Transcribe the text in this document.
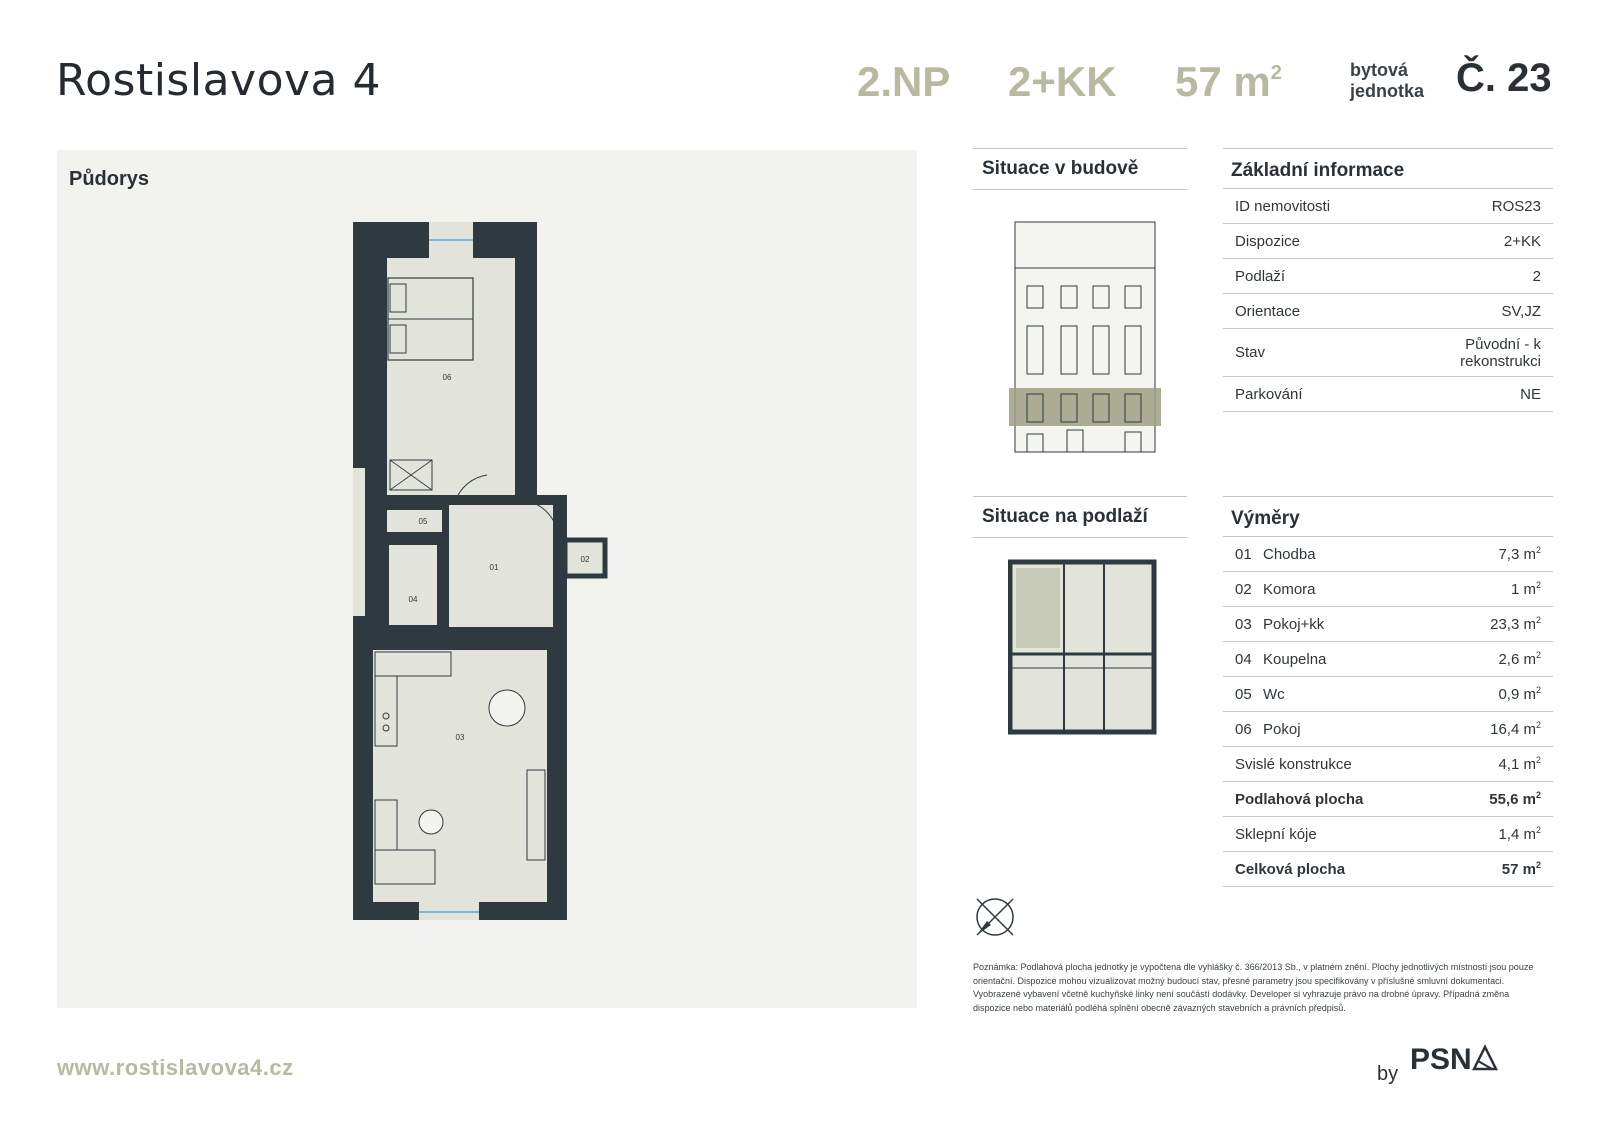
Rostislavova 4	2.NP 2+KK 57 $m^2$	bytová
jednotka Č. 23
Půdorys
06
05
04
01
02
03
23
Situace v budově
Situace na podlaží
Základní informace
ID nemovitosti	ROS23
Dispozice	2+KK
Podlaží	2
Orientace	SV,JZ
Stav	Původní - k
rekonstrukci
Parkování	NE
Výměry
01 Chodba	7,3 $m^2$
02 Komora	1 $m^2$
03 Pokoj+kk	23,3 $m^2$
04 Koupelna	2,6 $m^2$
05 Wc	0,9 $m^2$
06 Pokoj	16,4 $m^2$
Svislé konstrukce	4,1 $m^2$
Podlahová plocha	55,6 $m^2$
Sklepní kóje	1,4 $m^2$
Celková plocha	57 $m^2$
Poznámka: Podlahová plocha jednotky je vypočtena dle vyhlášky č. 366/2013 Sb., v platném znění. Plochy jednotlivých místností jsou pouze orientační. Dispozice mohou vizualizovat možný budoucí stav, přesné parametry jsou specifikovány v příslušné smluvní dokumentaci. Vyobrazené vybavení včetně kuchyňské linky není součástí dodávky. Developer si vyhrazuje právo na drobné úpravy. Případná změna dispozice nebo materiálů podléhá splnění obecně závazných stavebních a právních předpisů.
www.rostislavova4.cz	by PSN
